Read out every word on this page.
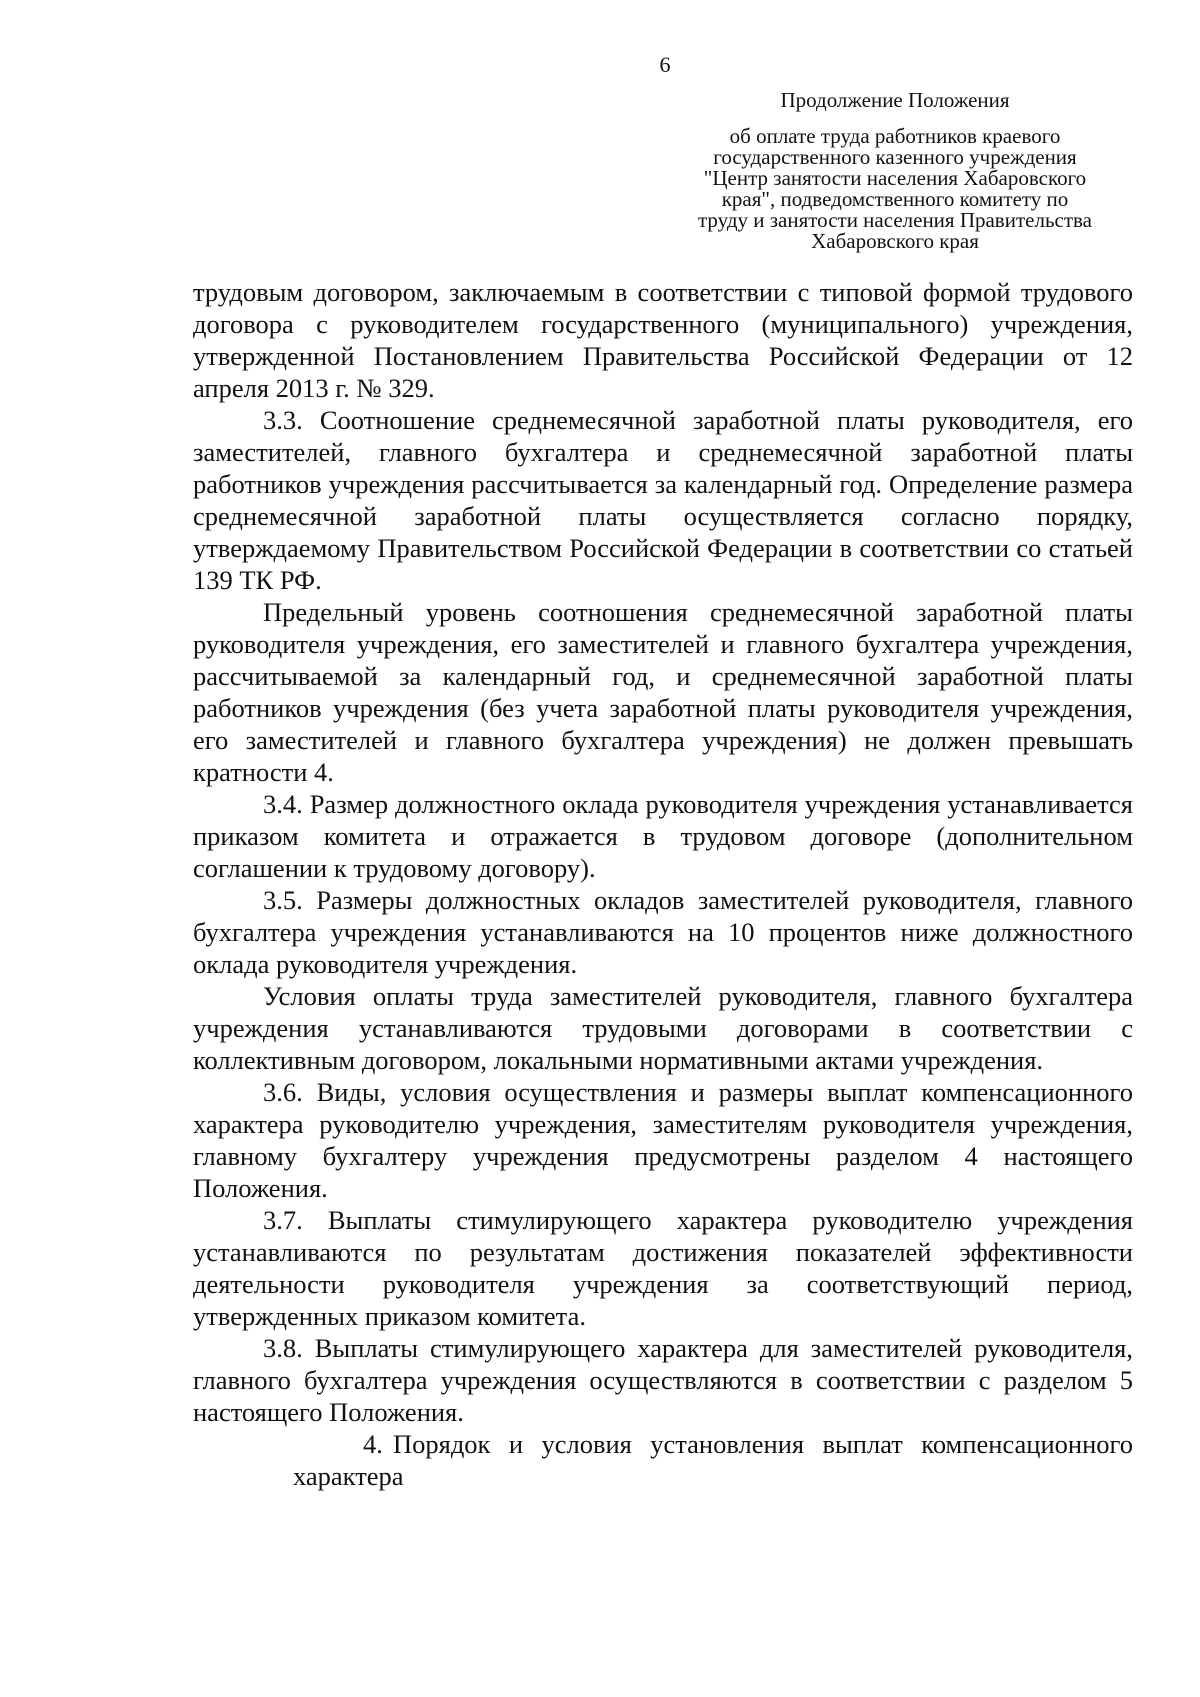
6

Продолжение Положения

об оплате труда работников краевого

государственного казенного учреждения

"Центр занятости населения Хабаровского

края", подведомственного комитету по

труду и занятости населения Правительства

Хабаровского края

трудовым договором, заключаемым в соответствии с типовой формой трудового договора с руководителем государственного (муниципального) учреждения, утвержденной Постановлением Правительства Российской Федерации от 12 апреля 2013 г. № 329.

3.3. Соотношение среднемесячной заработной платы руководителя, его заместителей, главного бухгалтера и среднемесячной заработной платы работников учреждения рассчитывается за календарный год. Определение размера среднемесячной заработной платы осуществляется согласно порядку, утверждаемому Правительством Российской Федерации в соответствии со статьей 139 ТК РФ.

Предельный уровень соотношения среднемесячной заработной платы руководителя учреждения, его заместителей и главного бухгалтера учреждения, рассчитываемой за календарный год, и среднемесячной заработной платы работников учреждения (без учета заработной платы руководителя учреждения, его заместителей и главного бухгалтера учреждения) не должен превышать кратности 4.

3.4. Размер должностного оклада руководителя учреждения устанавливается приказом комитета и отражается в трудовом договоре (дополнительном соглашении к трудовому договору).

3.5. Размеры должностных окладов заместителей руководителя, главного бухгалтера учреждения устанавливаются на 10 процентов ниже должностного оклада руководителя учреждения.

Условия оплаты труда заместителей руководителя, главного бухгалтера учреждения устанавливаются трудовыми договорами в соответствии с коллективным договором, локальными нормативными актами учреждения.

3.6. Виды, условия осуществления и размеры выплат компенсационного характера руководителю учреждения, заместителям руководителя учреждения, главному бухгалтеру учреждения предусмотрены разделом 4 настоящего Положения.

3.7. Выплаты стимулирующего характера руководителю учреждения устанавливаются по результатам достижения показателей эффективности деятельности руководителя учреждения за соответствующий период, утвержденных приказом комитета.

3.8. Выплаты стимулирующего характера для заместителей руководителя, главного бухгалтера учреждения осуществляются в соответствии с разделом 5 настоящего Положения.

4. Порядок и условия установления выплат компенсационного характера
